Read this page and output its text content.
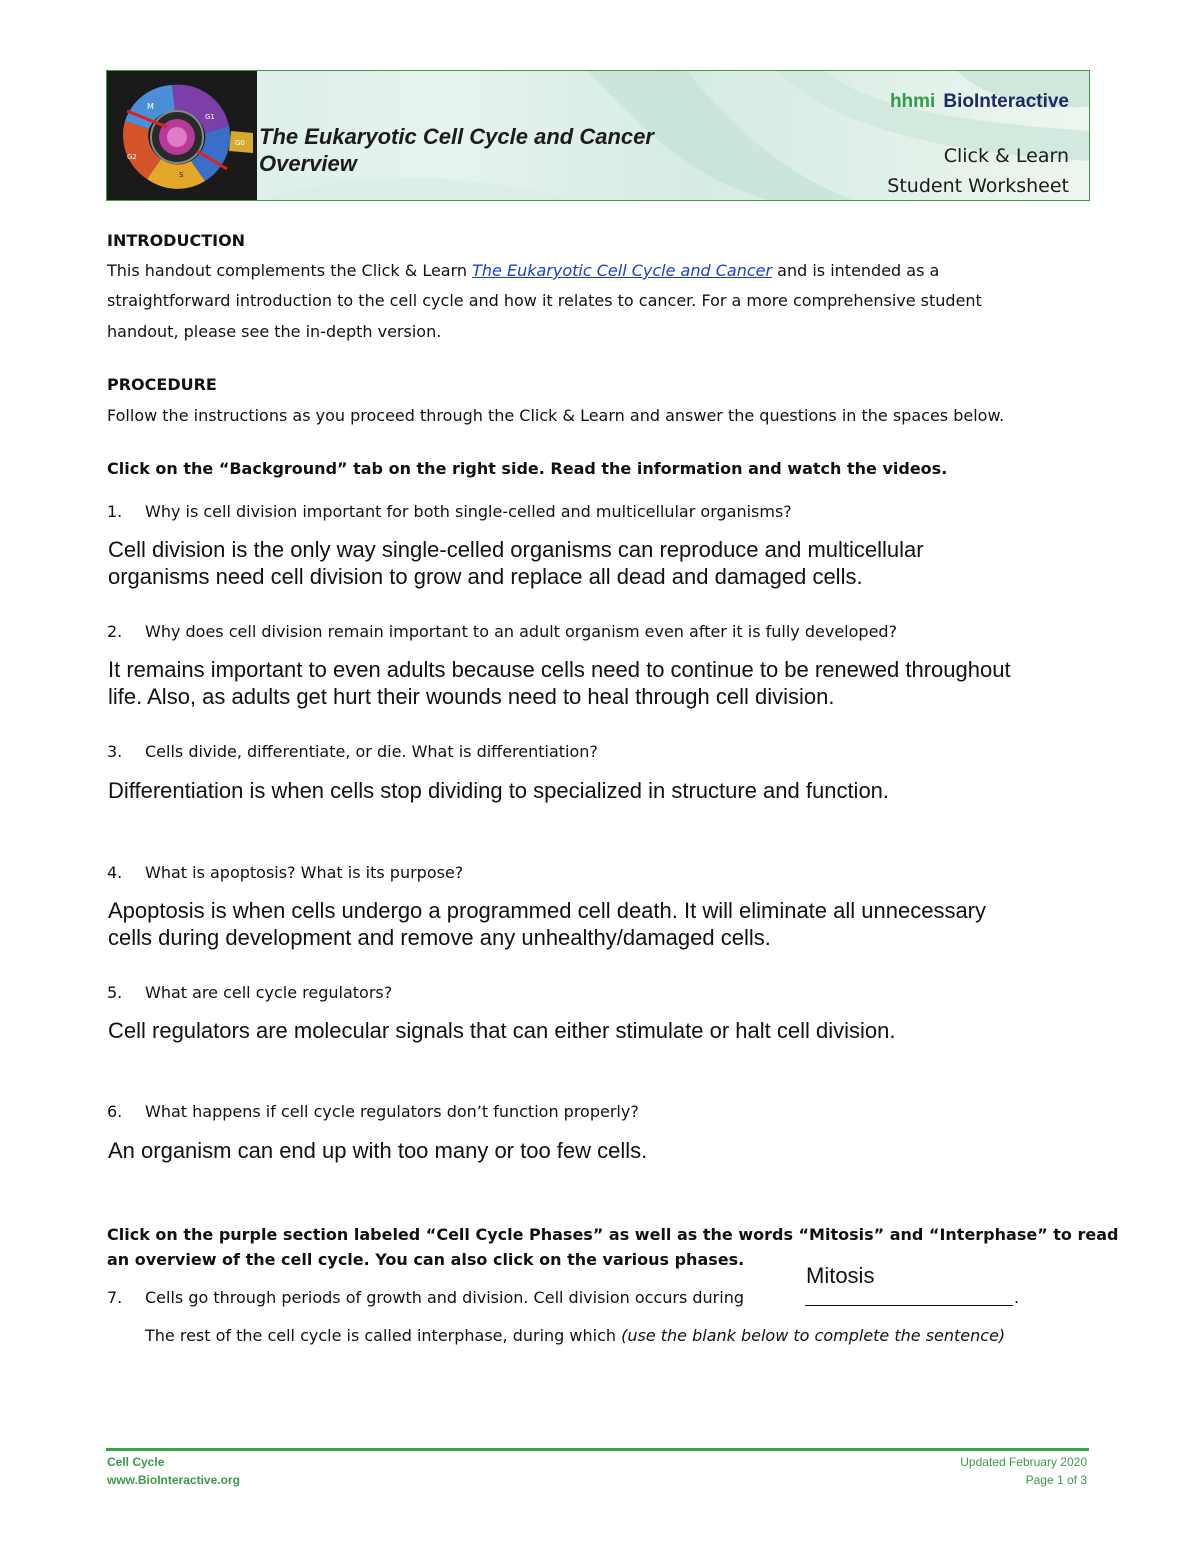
M
G1
G0
S
G2
The Eukaryotic Cell Cycle and Cancer
Overview
hhmi BioInteractive
Click & Learn
Student Worksheet
INTRODUCTION
This handout complements the Click & Learn The Eukaryotic Cell Cycle and Cancer and is intended as a
straightforward introduction to the cell cycle and how it relates to cancer. For a more comprehensive student
handout, please see the in-depth version.
PROCEDURE
Follow the instructions as you proceed through the Click & Learn and answer the questions in the spaces below.
Click on the “Background” tab on the right side. Read the information and watch the videos.
1. Why is cell division important for both single-celled and multicellular organisms?
Cell division is the only way single-celled organisms can reproduce and multicellular
organisms need cell division to grow and replace all dead and damaged cells.
2. Why does cell division remain important to an adult organism even after it is fully developed?
It remains important to even adults because cells need to continue to be renewed throughout
life. Also, as adults get hurt their wounds need to heal through cell division.
3. Cells divide, differentiate, or die. What is differentiation?
Differentiation is when cells stop dividing to specialized in structure and function.
4. What is apoptosis? What is its purpose?
Apoptosis is when cells undergo a programmed cell death. It will eliminate all unnecessary
cells during development and remove any unhealthy/damaged cells.
5. What are cell cycle regulators?
Cell regulators are molecular signals that can either stimulate or halt cell division.
6. What happens if cell cycle regulators don’t function properly?
An organism can end up with too many or too few cells.
Click on the purple section labeled “Cell Cycle Phases” as well as the words “Mitosis” and “Interphase” to read
an overview of the cell cycle. You can also click on the various phases.
Mitosis
7. Cells go through periods of growth and division. Cell division occurs during	.
The rest of the cell cycle is called interphase, during which (use the blank below to complete the sentence)
Cell Cycle
www.BioInteractive.org
Updated February 2020
Page 1 of 3
